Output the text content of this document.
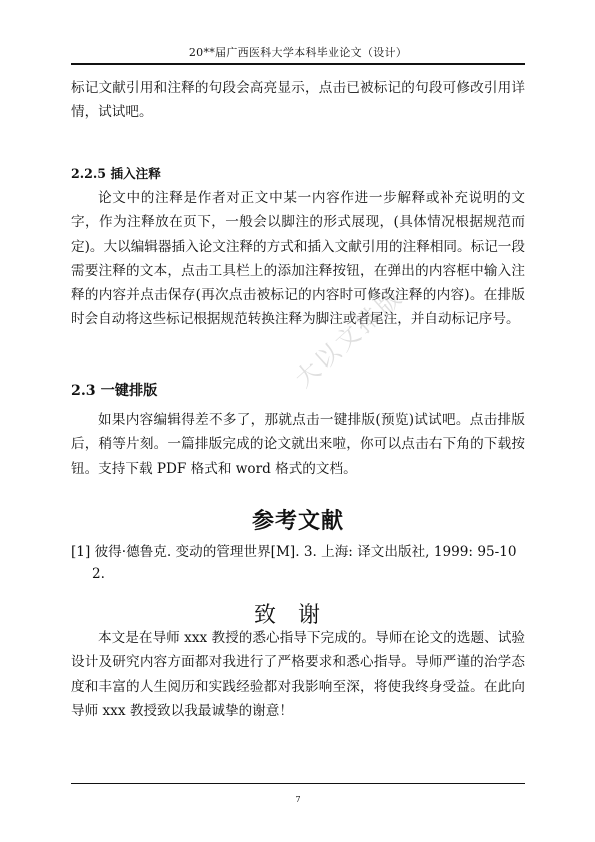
20**届广西医科大学本科毕业论文（设计）

标记文献引用和注释的句段会高亮显示，点击已被标记的句段可修改引用详情，试试吧。

2.2.5 插入注释

论文中的注释是作者对正文中某一内容作进一步解释或补充说明的文字，作为注释放在页下，一般会以脚注的形式展现，(具体情况根据规范而定)。大以编辑器插入论文注释的方式和插入文献引用的注释相同。标记一段需要注释的文本，点击工具栏上的添加注释按钮，在弹出的内容框中输入注释的内容并点击保存(再次点击被标记的内容时可修改注释的内容)。在排版时会自动将这些标记根据规范转换注释为脚注或者尾注，并自动标记序号。

2.3 一键排版

如果内容编辑得差不多了，那就点击一键排版(预览)试试吧。点击排版后，稍等片刻。一篇排版完成的论文就出来啦，你可以点击右下角的下载按钮。支持下载 PDF 格式和 word 格式的文档。

参考文献

[1] 彼得·德鲁克. 变动的管理世界[M]. 3. 上海: 译文出版社, 1999: 95-10

2.

致谢

本文是在导师 xxx 教授的悉心指导下完成的。导师在论文的选题、试验设计及研究内容方面都对我进行了严格要求和悉心指导。导师严谨的治学态度和丰富的人生阅历和实践经验都对我影响至深，将使我终身受益。在此向导师 xxx 教授致以我最诚挚的谢意！

大以文排版
7
